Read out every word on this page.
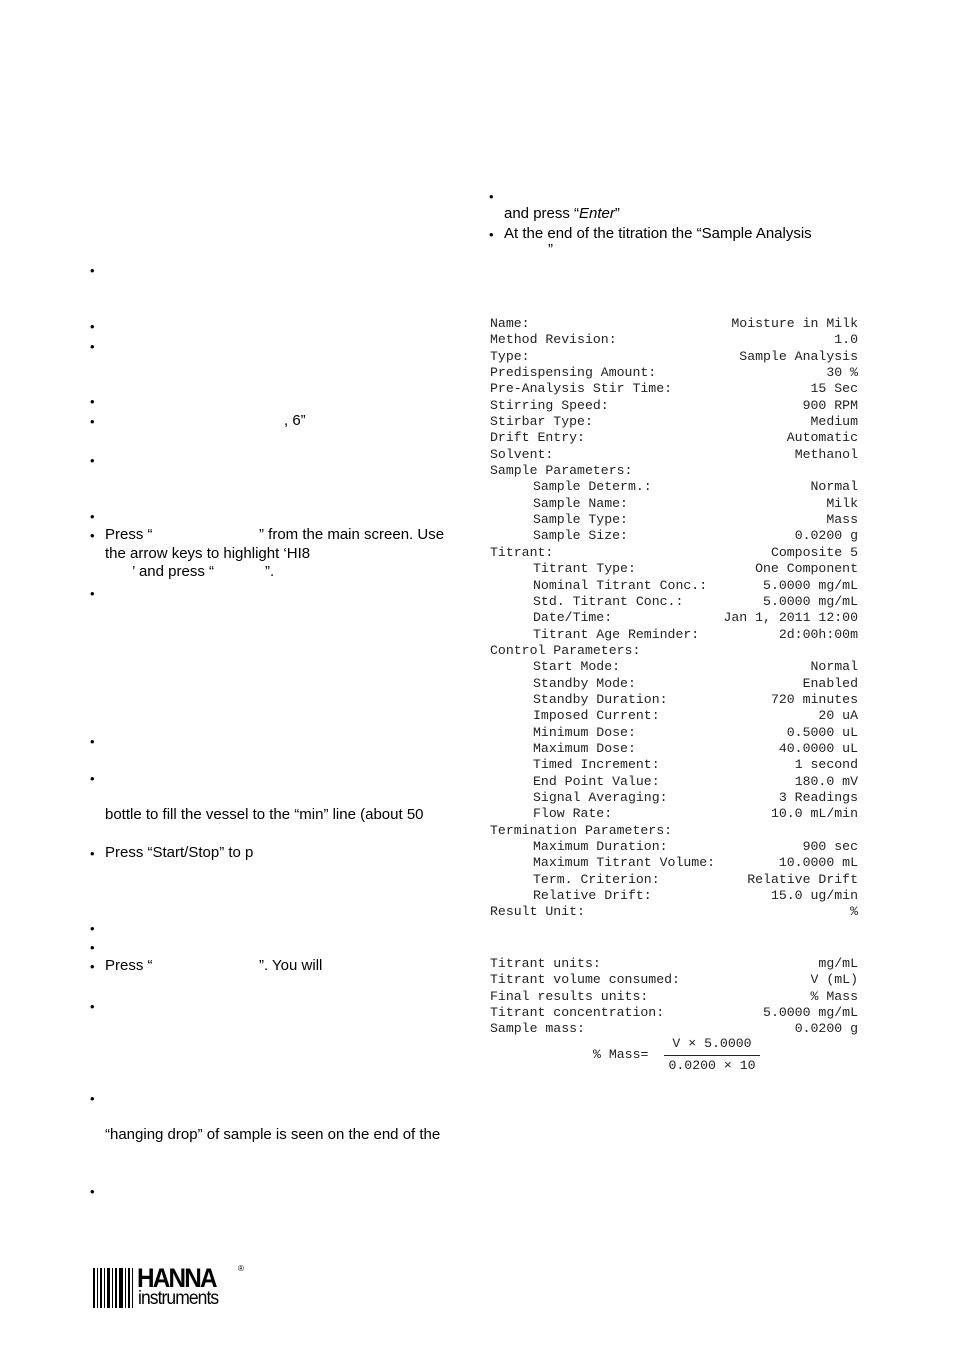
•
•
•
•
•	, 6”
•
•
• Press “	” from the main screen. Use
the arrow keys to highlight ‘HI8
’ and press “	”.
•
•
•
bottle to fill the vessel to the “min” line (about 50
• Press “Start/Stop” to p
•
•
• Press “	”. You will
•
•
“hanging drop” of sample is seen on the end of the
•
•
and press “Enter”
• At the end of the titration the “Sample Analysis
”
Name:	Moisture in Milk
Method Revision:	1.0
Type:	Sample Analysis
Predispensing Amount:	30 %
Pre-Analysis Stir Time:	15 Sec
Stirring Speed:	900 RPM
Stirbar Type:	Medium
Drift Entry:	Automatic
Solvent:	Methanol
Sample Parameters:
Sample Determ.:	Normal
Sample Name:	Milk
Sample Type:	Mass
Sample Size:	0.0200 g
Titrant:	Composite 5
Titrant Type:	One Component
Nominal Titrant Conc.:	5.0000 mg/mL
Std. Titrant Conc.:	5.0000 mg/mL
Date/Time:	Jan 1, 2011 12:00
Titrant Age Reminder:	2d:00h:00m
Control Parameters:
Start Mode:	Normal
Standby Mode:	Enabled
Standby Duration:	720 minutes
Imposed Current:	20 uA
Minimum Dose:	0.5000 uL
Maximum Dose:	40.0000 uL
Timed Increment:	1 second
End Point Value:	180.0 mV
Signal Averaging:	3 Readings
Flow Rate:	10.0 mL/min
Termination Parameters:
Maximum Duration:	900 sec
Maximum Titrant Volume:	10.0000 mL
Term. Criterion:	Relative Drift
Relative Drift:	15.0 ug/min
Result Unit:	%
Titrant units:	mg/mL
Titrant volume consumed:	V (mL)
Final results units:	% Mass
Titrant concentration:	5.0000 mg/mL
Sample mass:	0.0200 g
% Mass=
V × 5.0000
0.0200 × 10
HANNA	®
instruments
